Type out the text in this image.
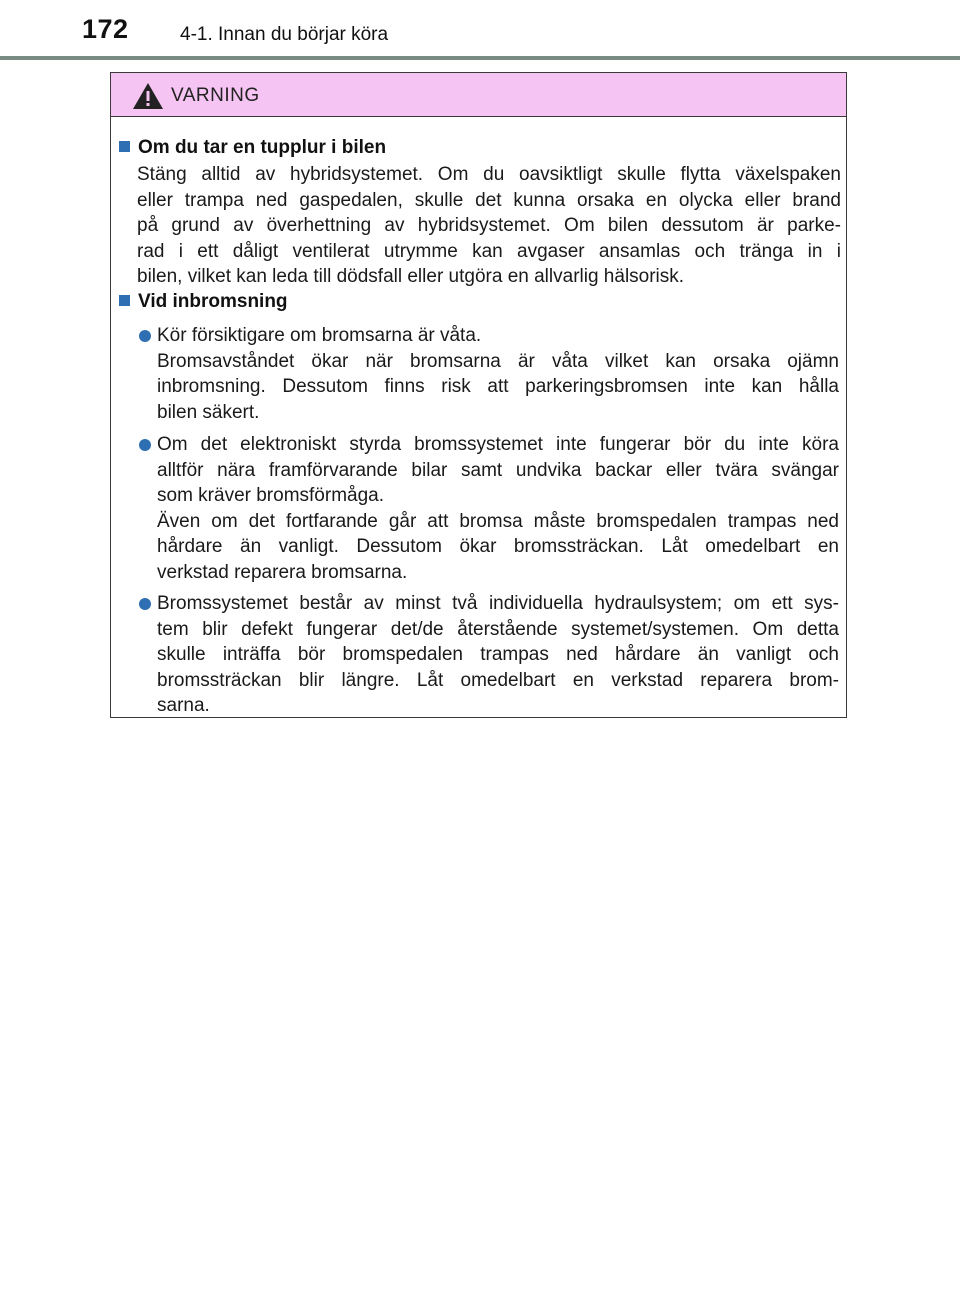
172	4-1. Innan du börjar köra
VARNING
Om du tar en tupplur i bilen
Stäng alltid av hybridsystemet. Om du oavsiktligt skulle flytta växelspaken
eller trampa ned gaspedalen, skulle det kunna orsaka en olycka eller brand
på grund av överhettning av hybridsystemet. Om bilen dessutom är parke-
rad i ett dåligt ventilerat utrymme kan avgaser ansamlas och tränga in i
bilen, vilket kan leda till dödsfall eller utgöra en allvarlig hälsorisk.
Vid inbromsning
Kör försiktigare om bromsarna är våta.
Bromsavståndet ökar när bromsarna är våta vilket kan orsaka ojämn
inbromsning. Dessutom finns risk att parkeringsbromsen inte kan hålla
bilen säkert.
Om det elektroniskt styrda bromssystemet inte fungerar bör du inte köra
alltför nära framförvarande bilar samt undvika backar eller tvära svängar
som kräver bromsförmåga.
Även om det fortfarande går att bromsa måste bromspedalen trampas ned
hårdare än vanligt. Dessutom ökar bromssträckan. Låt omedelbart en
verkstad reparera bromsarna.
Bromssystemet består av minst två individuella hydraulsystem; om ett sys-
tem blir defekt fungerar det/de återstående systemet/systemen. Om detta
skulle inträffa bör bromspedalen trampas ned hårdare än vanligt och
bromssträckan blir längre. Låt omedelbart en verkstad reparera brom-
sarna.
